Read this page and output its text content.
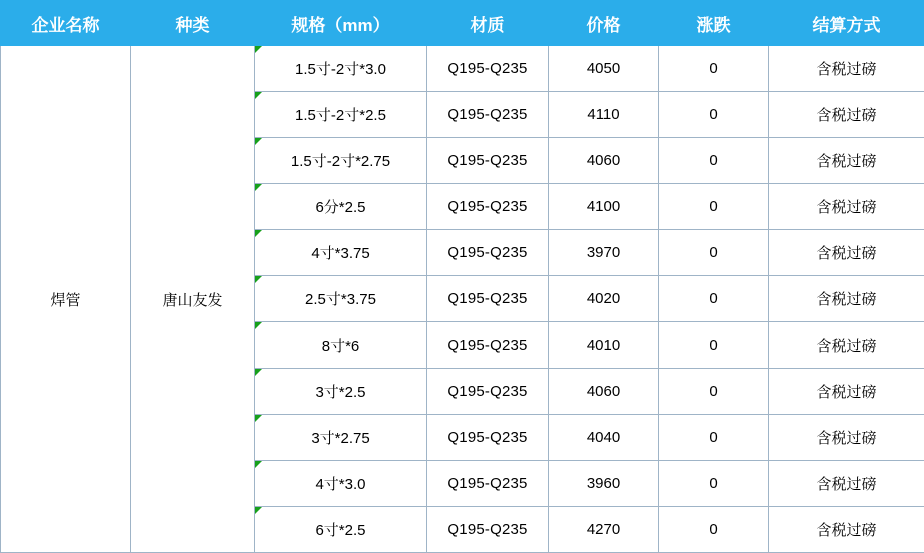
企业名称	种类	规格（mm）	材质	价格	涨跌	结算方式
焊管	唐山友发	1.5寸-2寸*3.0	Q195-Q235	4050	0	含税过磅

1.5寸-2寸*2.5	Q195-Q235	4110	0	含税过磅

1.5寸-2寸*2.75	Q195-Q235	4060	0	含税过磅

6分*2.5	Q195-Q235	4100	0	含税过磅

4寸*3.75	Q195-Q235	3970	0	含税过磅

2.5寸*3.75	Q195-Q235	4020	0	含税过磅

8寸*6	Q195-Q235	4010	0	含税过磅

3寸*2.5	Q195-Q235	4060	0	含税过磅

3寸*2.75	Q195-Q235	4040	0	含税过磅

4寸*3.0	Q195-Q235	3960	0	含税过磅

6寸*2.5	Q195-Q235	4270	0	含税过磅
